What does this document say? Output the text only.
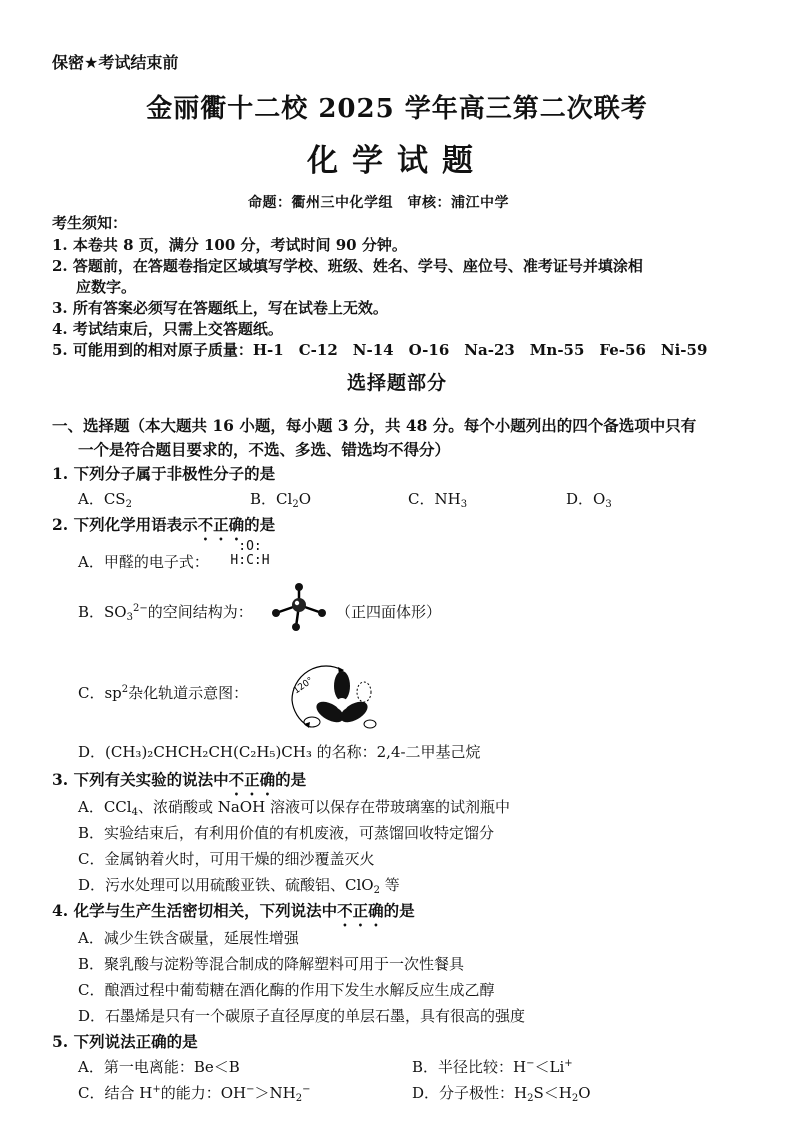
保密★考试结束前
金丽衢十二校 2025 学年高三第二次联考
化学试题
命题：衢州三中化学组　审核：浦江中学
考生须知：
1. 本卷共 8 页，满分 100 分，考试时间 90 分钟。
2. 答题前，在答题卷指定区域填写学校、班级、姓名、学号、座位号、准考证号并填涂相
应数字。
3. 所有答案必须写在答题纸上，写在试卷上无效。
4. 考试结束后，只需上交答题纸。
5. 可能用到的相对原子质量：H-1　C-12　N-14　O-16　Na-23　Mn-55　Fe-56　Ni-59
选择题部分
一、选择题（本大题共 16 小题，每小题 3 分，共 48 分。每个小题列出的四个备选项中只有
一个是符合题目要求的，不选、多选、错选均不得分）
1. 下列分子属于非极性分子的是
A．$CS_2$	B．$Cl_2O$	C．$NH_3$	D．$O_3$
2. 下列化学用语表示不正确的是
A．甲醛的电子式：
:O:
H:C:H
B．$SO_3^{2-}$的空间结构为：	（正四面体形）
C．$sp^2$杂化轨道示意图：	120°
D．(CH₃)₂CHCH₂CH(C₂H₅)CH₃ 的名称：2,4-二甲基己烷
3. 下列有关实验的说法中不正确的是
A．CCl$_4$、浓硝酸或 NaOH 溶液可以保存在带玻璃塞的试剂瓶中
B．实验结束后，有利用价值的有机废液，可蒸馏回收特定馏分
C．金属钠着火时，可用干燥的细沙覆盖灭火
D．污水处理可以用硫酸亚铁、硫酸铝、ClO$_2$ 等
4. 化学与生产生活密切相关，下列说法中不正确的是
A．减少生铁含碳量，延展性增强
B．聚乳酸与淀粉等混合制成的降解塑料可用于一次性餐具
C．酿酒过程中葡萄糖在酒化酶的作用下发生水解反应生成乙醇
D．石墨烯是只有一个碳原子直径厚度的单层石墨，具有很高的强度
5. 下列说法正确的是
A．第一电离能：Be＜B	B．半径比较：H−＜Li+
C．结合 H+的能力：$OH^->NH_2^-$	D．分子极性：$H_2S<H_2O$
